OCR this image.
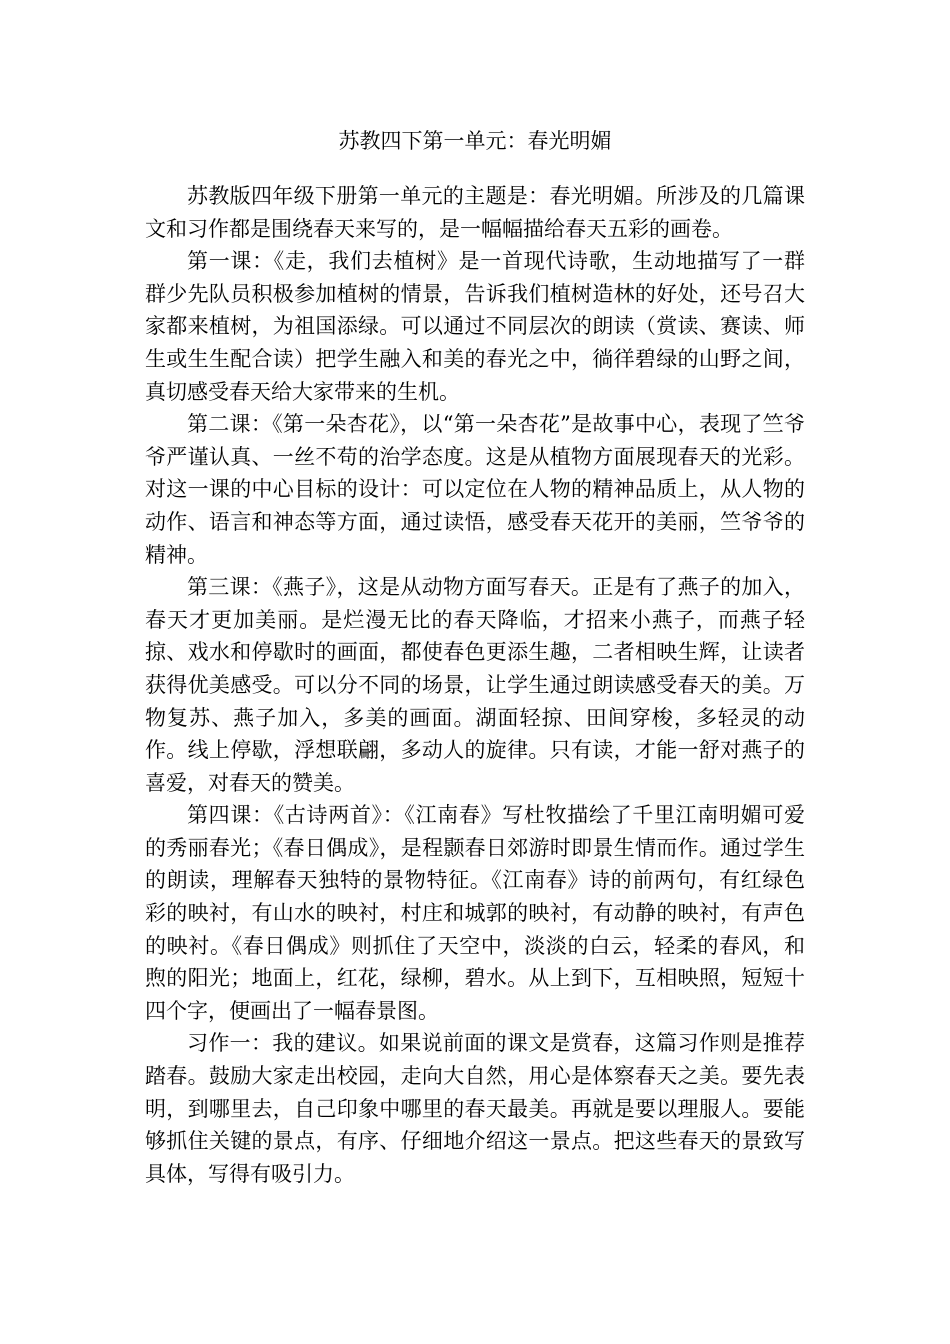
苏教四下第一单元：春光明媚

苏教版四年级下册第一单元的主题是：春光明媚。所涉及的几篇课文和习作都是围绕春天来写的，是一幅幅描给春天五彩的画卷。

第一课：《走，我们去植树》是一首现代诗歌，生动地描写了一群群少先队员积极参加植树的情景，告诉我们植树造林的好处，还号召大家都来植树，为祖国添绿。可以通过不同层次的朗读（赏读、赛读、师生或生生配合读）把学生融入和美的春光之中，徜徉碧绿的山野之间，真切感受春天给大家带来的生机。

第二课：《第一朵杏花》，以“第一朵杏花”是故事中心，表现了竺爷爷严谨认真、一丝不苟的治学态度。这是从植物方面展现春天的光彩。对这一课的中心目标的设计：可以定位在人物的精神品质上，从人物的动作、语言和神态等方面，通过读悟，感受春天花开的美丽，竺爷爷的精神。

第三课：《燕子》，这是从动物方面写春天。正是有了燕子的加入，春天才更加美丽。是烂漫无比的春天降临，才招来小燕子，而燕子轻掠、戏水和停歇时的画面，都使春色更添生趣，二者相映生辉，让读者获得优美感受。可以分不同的场景，让学生通过朗读感受春天的美。万物复苏、燕子加入，多美的画面。湖面轻掠、田间穿梭，多轻灵的动作。线上停歇，浮想联翩，多动人的旋律。只有读，才能一舒对燕子的喜爱，对春天的赞美。

第四课：《古诗两首》：《江南春》写杜牧描绘了千里江南明媚可爱的秀丽春光；《春日偶成》，是程颢春日郊游时即景生情而作。通过学生的朗读，理解春天独特的景物特征。《江南春》诗的前两句，有红绿色彩的映衬，有山水的映衬，村庄和城郭的映衬，有动静的映衬，有声色的映衬。《春日偶成》则抓住了天空中，淡淡的白云，轻柔的春风，和煦的阳光；地面上，红花，绿柳，碧水。从上到下，互相映照，短短十四个字，便画出了一幅春景图。

习作一：我的建议。如果说前面的课文是赏春，这篇习作则是推荐踏春。鼓励大家走出校园，走向大自然，用心是体察春天之美。要先表明，到哪里去，自己印象中哪里的春天最美。再就是要以理服人。要能够抓住关键的景点，有序、仔细地介绍这一景点。把这些春天的景致写具体，写得有吸引力。
